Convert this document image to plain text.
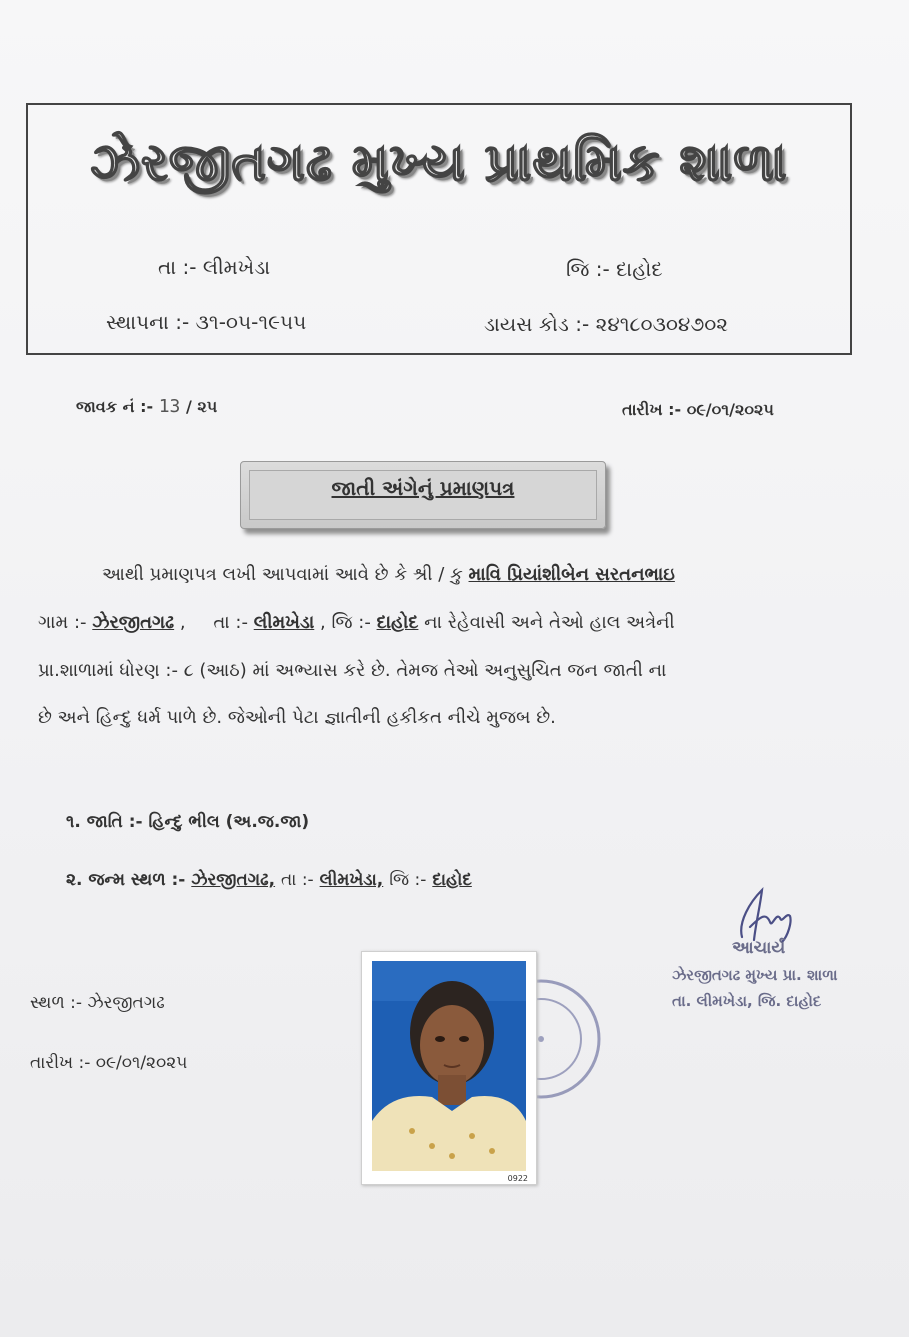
ઝેરજીતગઢ મુખ્ય પ્રાથમિક શાળા
તા :- લીમખેડા	જિ :- દાહોદ
સ્થાપના :- ૩૧-૦૫-૧૯૫૫	ડાયસ કોડ :- ૨૪૧૮૦૩૦૪૭૦૨
જાવક નં :- 13 / ૨૫	તારીખ :- ૦૯/૦૧/૨૦૨૫
જાતી અંગેનું પ્રમાણપત્ર
આથી પ્રમાણપત્ર લખી આપવામાં આવે છે કે શ્રી / કુ માવિ પ્રિયાંશીબેન સરતનભાઇ
ગામ :- ઝેરજીતગઢ , તા :- લીમખેડા , જિ :- દાહોદ ના રેહેવાસી અને તેઓ હાલ અત્રેની
પ્રા.શાળામાં ધોરણ :- ૮ (આઠ) માં અભ્યાસ કરે છે. તેમજ તેઓ અનુસુચિત જન જાતી ના
છે અને હિન્દુ ધર્મ પાળે છે. જેઓની પેટા જ્ઞાતીની હકીકત નીચે મુજબ છે.
૧. જાતિ :- હિન્દુ ભીલ (અ.જ.જા)
૨. જન્મ સ્થળ :- ઝેરજીતગઢ, તા :- લીમખેડા, જિ :- દાહોદ
આચાર્ય
ઝેરજીતગઢ મુખ્ય પ્રા. શાળા
તા. લીમખેડા, જિ. દાહોદ
સ્થળ :- ઝેરજીતગઢ
તારીખ :- ૦૯/૦૧/૨૦૨૫
0922
